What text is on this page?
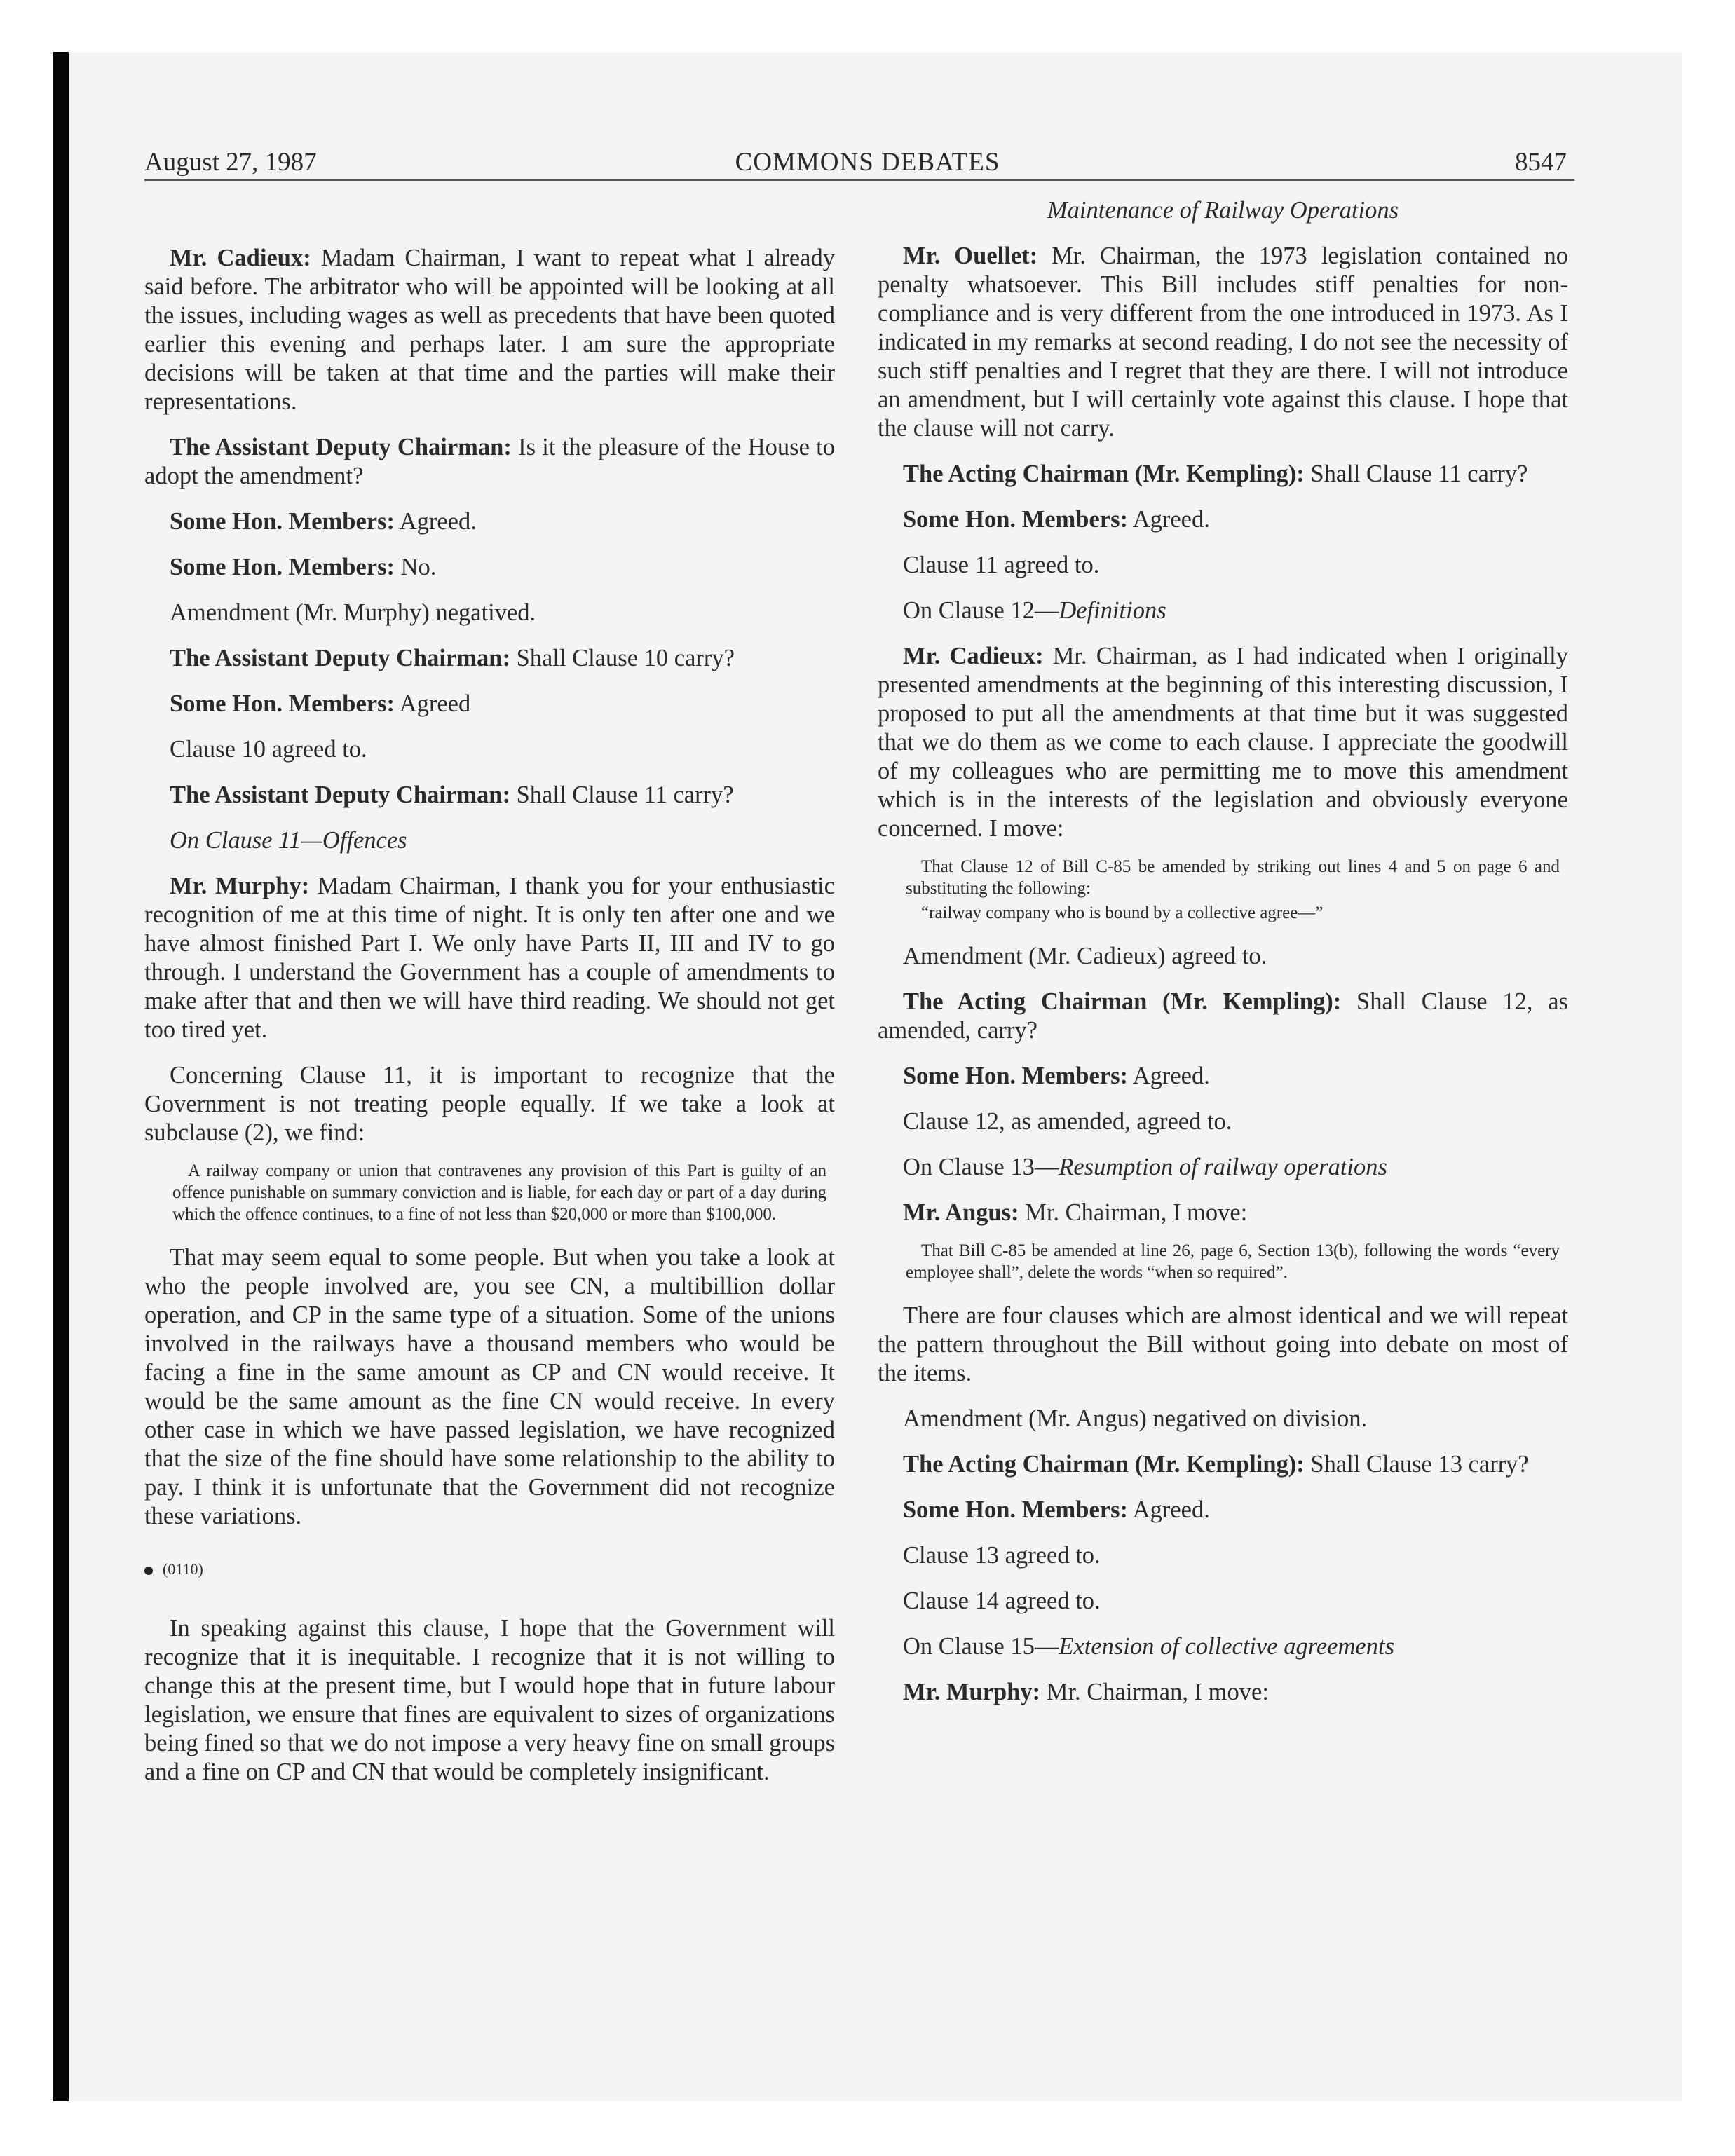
August 27, 1987	COMMONS DEBATES	8547

Mr. Cadieux: Madam Chairman, I want to repeat what I already said before. The arbitrator who will be appointed will be looking at all the issues, including wages as well as precedents that have been quoted earlier this evening and perhaps later. I am sure the appropriate decisions will be taken at that time and the parties will make their representations.

The Assistant Deputy Chairman: Is it the pleasure of the House to adopt the amendment?

Some Hon. Members: Agreed.

Some Hon. Members: No.

Amendment (Mr. Murphy) negatived.

The Assistant Deputy Chairman: Shall Clause 10 carry?

Some Hon. Members: Agreed

Clause 10 agreed to.

The Assistant Deputy Chairman: Shall Clause 11 carry?

On Clause 11—Offences

Mr. Murphy: Madam Chairman, I thank you for your enthusiastic recognition of me at this time of night. It is only ten after one and we have almost finished Part I. We only have Parts II, III and IV to go through. I understand the Government has a couple of amendments to make after that and then we will have third reading. We should not get too tired yet.

Concerning Clause 11, it is important to recognize that the Government is not treating people equally. If we take a look at subclause (2), we find:

A railway company or union that contravenes any provision of this Part is guilty of an offence punishable on summary conviction and is liable, for each day or part of a day during which the offence continues, to a fine of not less than $20,000 or more than $100,000.

That may seem equal to some people. But when you take a look at who the people involved are, you see CN, a multibillion dollar operation, and CP in the same type of a situation. Some of the unions involved in the railways have a thousand members who would be facing a fine in the same amount as CP and CN would receive. It would be the same amount as the fine CN would receive. In every other case in which we have passed legislation, we have recognized that the size of the fine should have some relationship to the ability to pay. I think it is unfortunate that the Government did not recognize these variations.

(0110)

In speaking against this clause, I hope that the Government will recognize that it is inequitable. I recognize that it is not willing to change this at the present time, but I would hope that in future labour legislation, we ensure that fines are equivalent to sizes of organizations being fined so that we do not impose a very heavy fine on small groups and a fine on CP and CN that would be completely insignificant.

Maintenance of Railway Operations

Mr. Ouellet: Mr. Chairman, the 1973 legislation contained no penalty whatsoever. This Bill includes stiff penalties for non-compliance and is very different from the one introduced in 1973. As I indicated in my remarks at second reading, I do not see the necessity of such stiff penalties and I regret that they are there. I will not introduce an amendment, but I will certainly vote against this clause. I hope that the clause will not carry.

The Acting Chairman (Mr. Kempling): Shall Clause 11 carry?

Some Hon. Members: Agreed.

Clause 11 agreed to.

On Clause 12—Definitions

Mr. Cadieux: Mr. Chairman, as I had indicated when I originally presented amendments at the beginning of this interesting discussion, I proposed to put all the amendments at that time but it was suggested that we do them as we come to each clause. I appreciate the goodwill of my colleagues who are permitting me to move this amendment which is in the interests of the legislation and obviously everyone concerned. I move:

That Clause 12 of Bill C-85 be amended by striking out lines 4 and 5 on page 6 and substituting the following:

“railway company who is bound by a collective agree—”

Amendment (Mr. Cadieux) agreed to.

The Acting Chairman (Mr. Kempling): Shall Clause 12, as amended, carry?

Some Hon. Members: Agreed.

Clause 12, as amended, agreed to.

On Clause 13—Resumption of railway operations

Mr. Angus: Mr. Chairman, I move:

That Bill C-85 be amended at line 26, page 6, Section 13(b), following the words “every employee shall”, delete the words “when so required”.

There are four clauses which are almost identical and we will repeat the pattern throughout the Bill without going into debate on most of the items.

Amendment (Mr. Angus) negatived on division.

The Acting Chairman (Mr. Kempling): Shall Clause 13 carry?

Some Hon. Members: Agreed.

Clause 13 agreed to.

Clause 14 agreed to.

On Clause 15—Extension of collective agreements

Mr. Murphy: Mr. Chairman, I move:
